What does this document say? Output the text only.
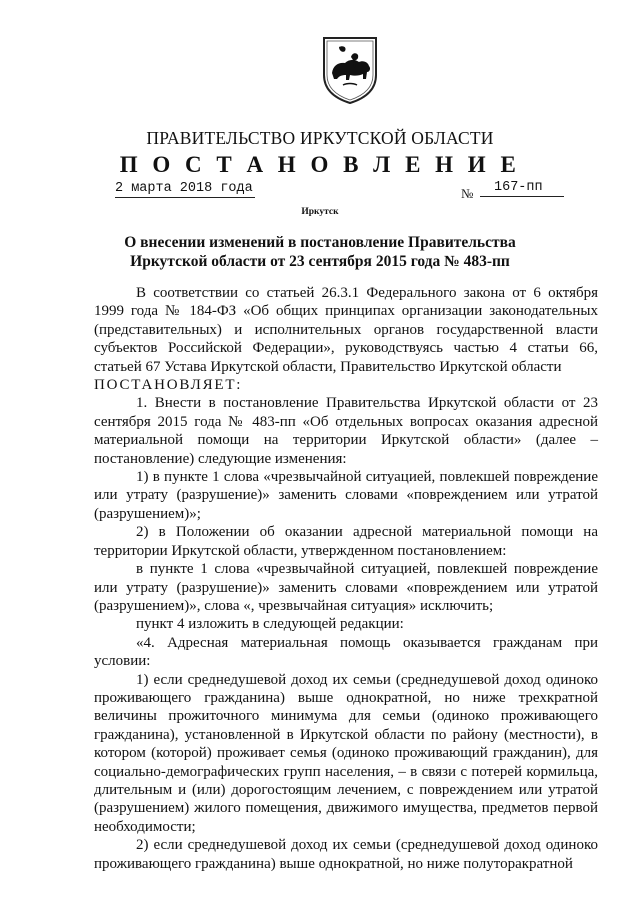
ПРАВИТЕЛЬСТВО ИРКУТСКОЙ ОБЛАСТИ
П О С Т А Н О В Л Е Н И Е
2 марта 2018 года	№	167-пп
Иркутск
О внесении изменений в постановление Правительства Иркутской области от 23 сентября 2015 года № 483-пп

В соответствии со статьей 26.3.1 Федерального закона от 6 октября 1999 года № 184-ФЗ «Об общих принципах организации законодательных (представительных) и исполнительных органов государственной власти субъектов Российской Федерации», руководствуясь частью 4 статьи 66, статьей 67 Устава Иркутской области, Правительство Иркутской области

ПОСТАНОВЛЯЕТ:

1. Внести в постановление Правительства Иркутской области от 23 сентября 2015 года № 483-пп «Об отдельных вопросах оказания адресной материальной помощи на территории Иркутской области» (далее – постановление) следующие изменения:

1) в пункте 1 слова «чрезвычайной ситуацией, повлекшей повреждение или утрату (разрушение)» заменить словами «повреждением или утратой (разрушением)»;

2) в Положении об оказании адресной материальной помощи на территории Иркутской области, утвержденном постановлением:

в пункте 1 слова «чрезвычайной ситуацией, повлекшей повреждение или утрату (разрушение)» заменить словами «повреждением или утратой (разрушением)», слова «, чрезвычайная ситуация» исключить;

пункт 4 изложить в следующей редакции:

«4. Адресная материальная помощь оказывается гражданам при условии:

1) если среднедушевой доход их семьи (среднедушевой доход одиноко проживающего гражданина) выше однократной, но ниже трехкратной величины прожиточного минимума для семьи (одиноко проживающего гражданина), установленной в Иркутской области по району (местности), в котором (которой) проживает семья (одиноко проживающий гражданин), для социально-демографических групп населения, – в связи с потерей кормильца, длительным и (или) дорогостоящим лечением, с повреждением или утратой (разрушением) жилого помещения, движимого имущества, предметов первой необходимости;

2) если среднедушевой доход их семьи (среднедушевой доход одиноко проживающего гражданина) выше однократной, но ниже полуторакратной
